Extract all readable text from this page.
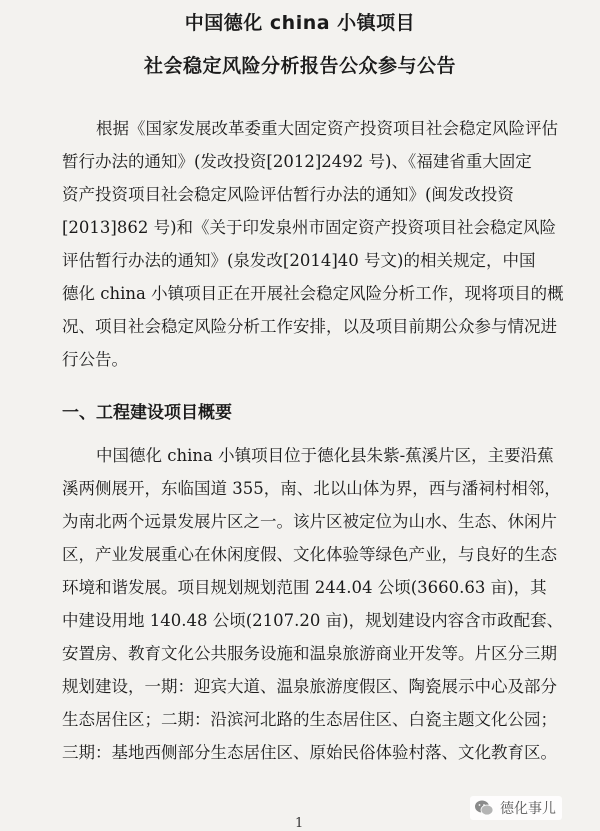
中国德化 china 小镇项目
社会稳定风险分析报告公众参与公告
根据《国家发展改革委重大固定资产投资项目社会稳定风险评估
暂行办法的通知》(发改投资[2012]2492 号)、《福建省重大固定
资产投资项目社会稳定风险评估暂行办法的通知》(闽发改投资
[2013]862 号)和《关于印发泉州市固定资产投资项目社会稳定风险
评估暂行办法的通知》(泉发改[2014]40 号文)的相关规定，中国
德化 china 小镇项目正在开展社会稳定风险分析工作，现将项目的概
况、项目社会稳定风险分析工作安排，以及项目前期公众参与情况进
行公告。
一、工程建设项目概要
中国德化 china 小镇项目位于德化县朱紫-蕉溪片区，主要沿蕉
溪两侧展开，东临国道 355，南、北以山体为界，西与潘祠村相邻，
为南北两个远景发展片区之一。该片区被定位为山水、生态、休闲片
区，产业发展重心在休闲度假、文化体验等绿色产业，与良好的生态
环境和谐发展。项目规划规划范围 244.04 公顷(3660.63 亩)，其
中建设用地 140.48 公顷(2107.20 亩)，规划建设内容含市政配套、
安置房、教育文化公共服务设施和温泉旅游商业开发等。片区分三期
规划建设，一期：迎宾大道、温泉旅游度假区、陶瓷展示中心及部分
生态居住区；二期：沿滨河北路的生态居住区、白瓷主题文化公园；
三期：基地西侧部分生态居住区、原始民俗体验村落、文化教育区。
1
德化事儿
